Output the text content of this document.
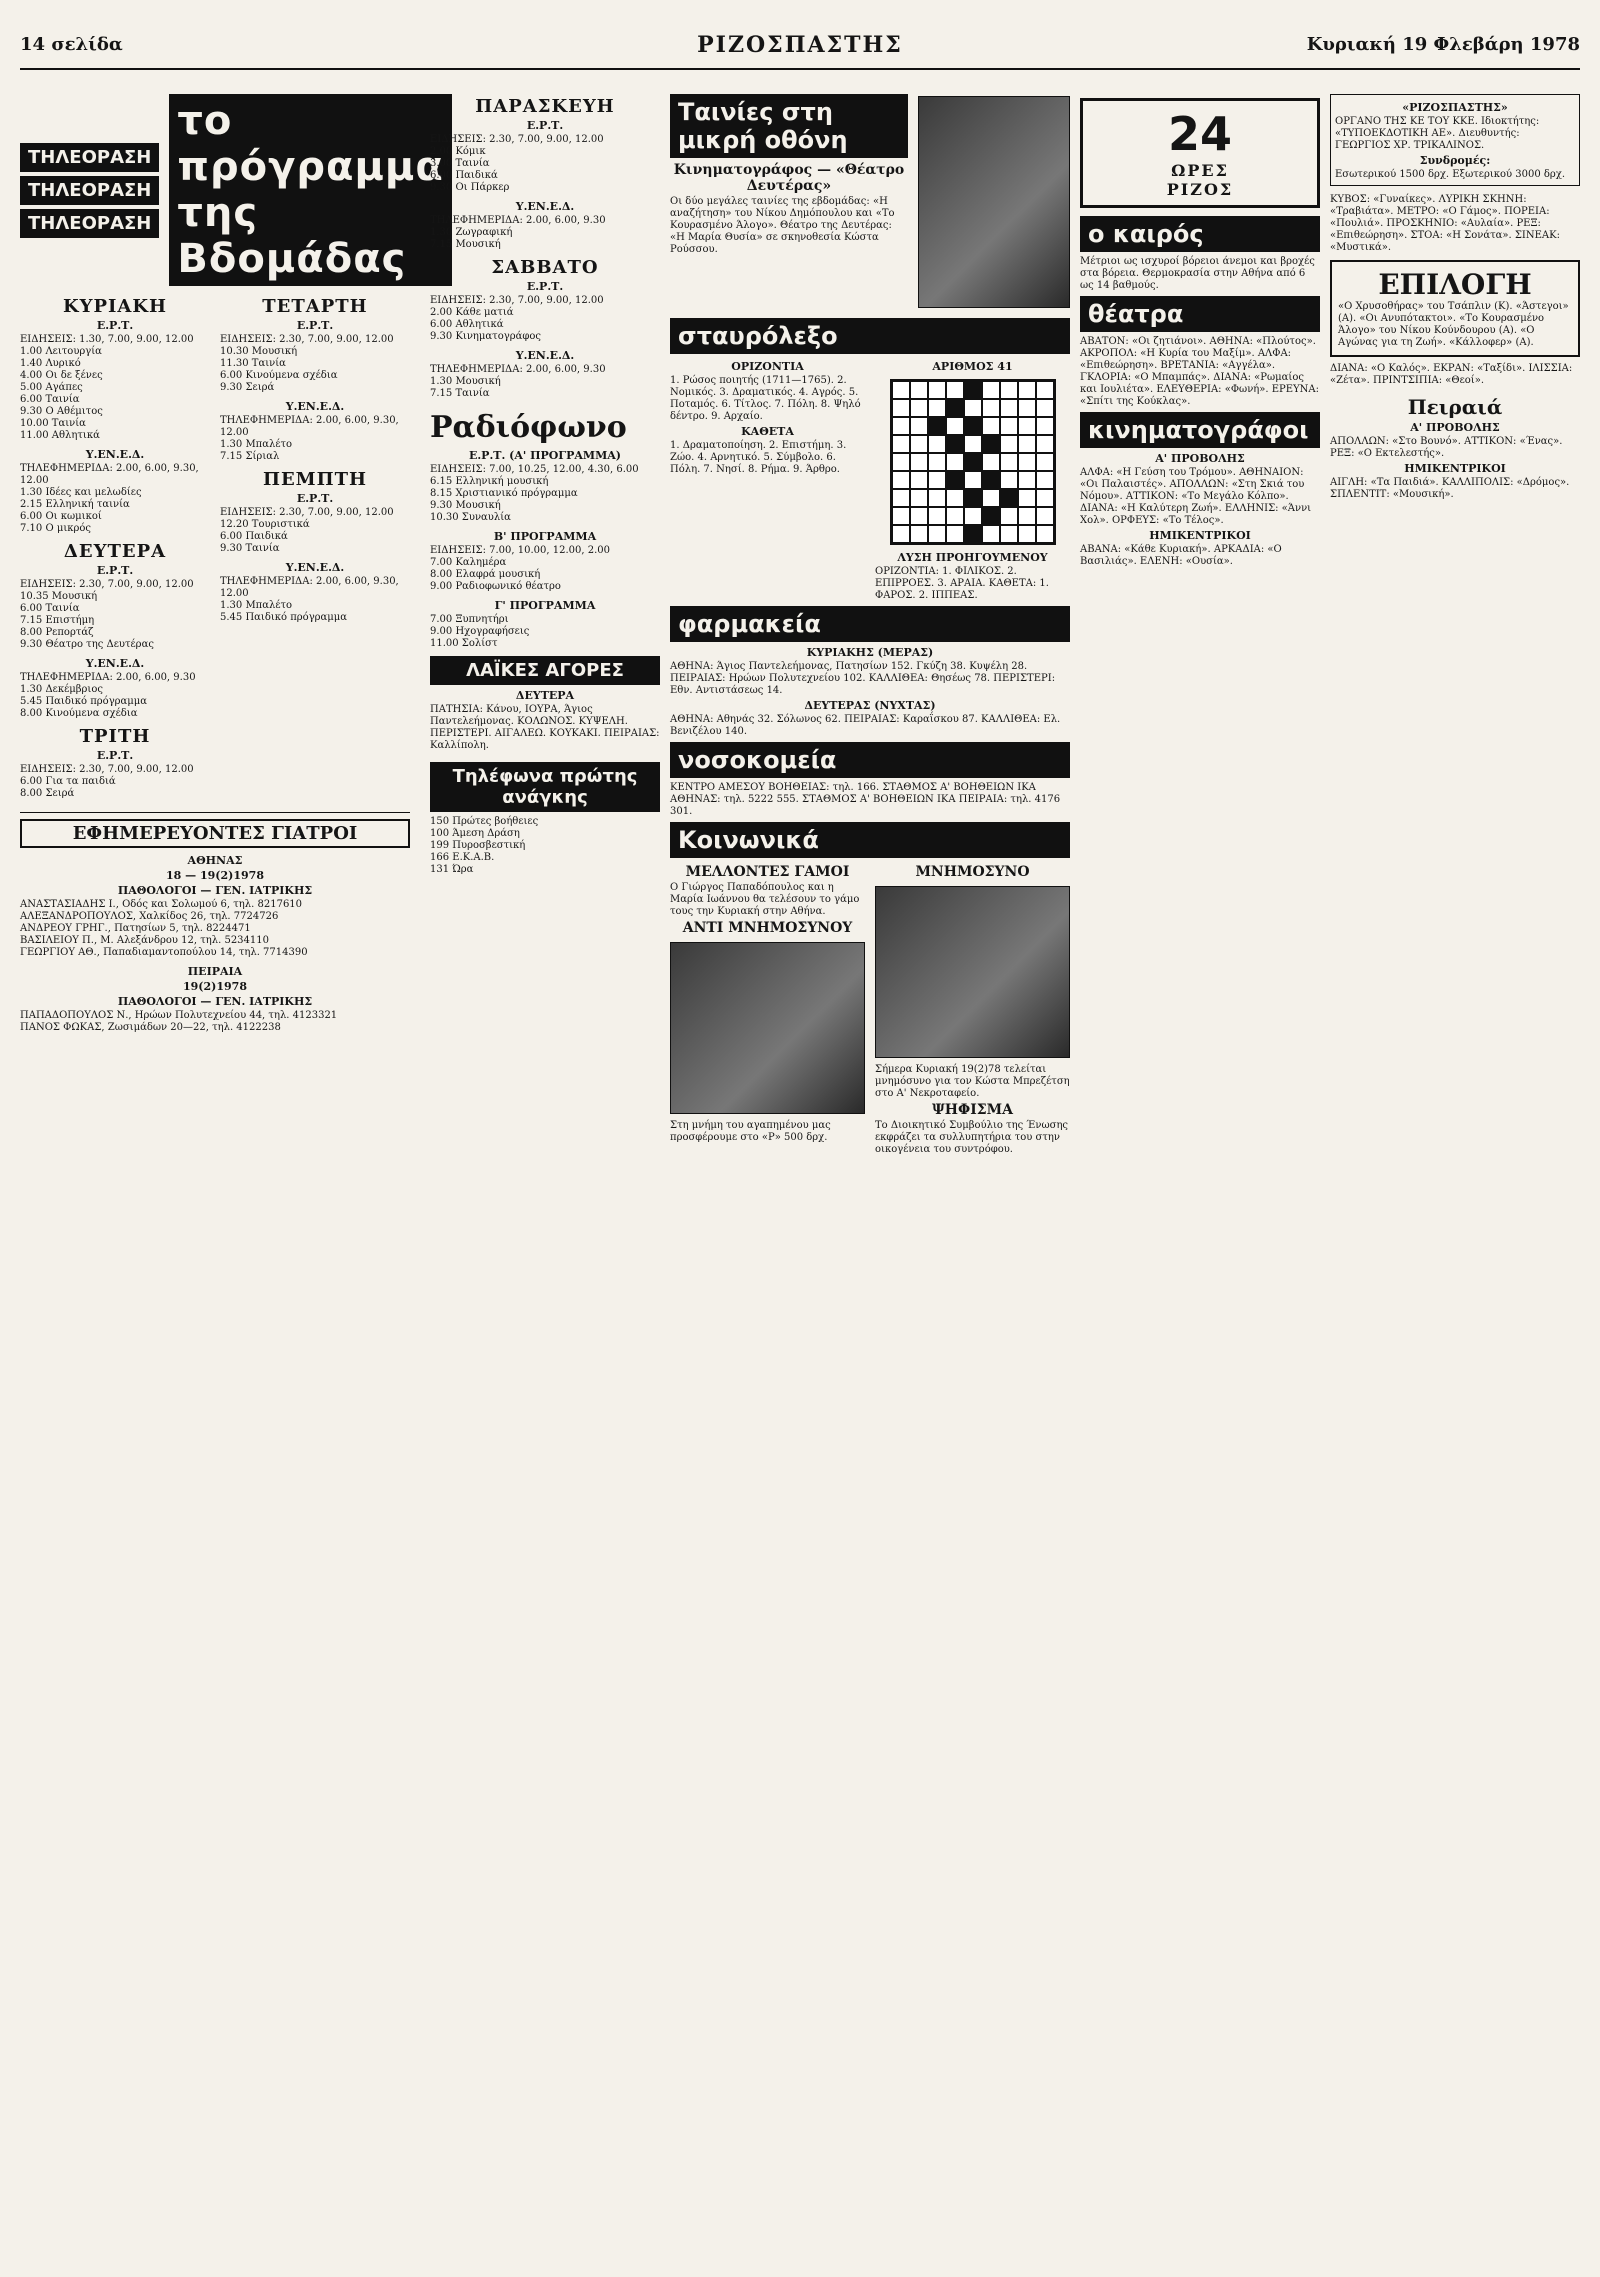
14 σελίδα	ΡΙΖΟΣΠΑΣΤΗΣ	Κυριακή 19 Φλεβάρη 1978
ΤΗΛΕΟΡΑΣΗ
ΤΗΛΕΟΡΑΣΗ
ΤΗΛΕΟΡΑΣΗ
το πρόγραμμα της Βδομάδας
ΚΥΡΙΑΚΗ
Ε.Ρ.Τ.
ΕΙΔΗΣΕΙΣ: 1.30, 7.00, 9.00, 12.00
1.00 Λειτουργία
1.40 Λυρικό
4.00 Οι δε ξένες
5.00 Αγάπες
6.00 Ταινία
9.30 Ο Αθέμιτος
10.00 Ταινία
11.00 Αθλητικά
Υ.ΕΝ.Ε.Δ.
ΤΗΛΕΦΗΜΕΡΙΔΑ: 2.00, 6.00, 9.30, 12.00
1.30 Ιδέες και μελωδίες
2.15 Ελληνική ταινία
6.00 Οι κωμικοί
7.10 Ο μικρός
ΔΕΥΤΕΡΑ
Ε.Ρ.Τ.
ΕΙΔΗΣΕΙΣ: 2.30, 7.00, 9.00, 12.00
10.35 Μουσική
6.00 Ταινία
7.15 Επιστήμη
8.00 Ρεπορτάζ
9.30 Θέατρο της Δευτέρας
Υ.ΕΝ.Ε.Δ.
ΤΗΛΕΦΗΜΕΡΙΔΑ: 2.00, 6.00, 9.30
1.30 Δεκέμβριος
5.45 Παιδικό πρόγραμμα
8.00 Κινούμενα σχέδια
ΤΡΙΤΗ
Ε.Ρ.Τ.
ΕΙΔΗΣΕΙΣ: 2.30, 7.00, 9.00, 12.00
6.00 Για τα παιδιά
8.00 Σειρά
ΤΕΤΑΡΤΗ
Ε.Ρ.Τ.
ΕΙΔΗΣΕΙΣ: 2.30, 7.00, 9.00, 12.00
10.30 Μουσική
11.30 Ταινία
6.00 Κινούμενα σχέδια
9.30 Σειρά
Υ.ΕΝ.Ε.Δ.
ΤΗΛΕΦΗΜΕΡΙΔΑ: 2.00, 6.00, 9.30, 12.00
1.30 Μπαλέτο
7.15 Σίριαλ
ΠΕΜΠΤΗ
Ε.Ρ.Τ.
ΕΙΔΗΣΕΙΣ: 2.30, 7.00, 9.00, 12.00
12.20 Τουριστικά
6.00 Παιδικά
9.30 Ταινία
Υ.ΕΝ.Ε.Δ.
ΤΗΛΕΦΗΜΕΡΙΔΑ: 2.00, 6.00, 9.30, 12.00
1.30 Μπαλέτο
5.45 Παιδικό πρόγραμμα
ΕΦΗΜΕΡΕΥΟΝΤΕΣ ΓΙΑΤΡΟΙ
ΑΘΗΝΑΣ
18 — 19(2)1978
ΠΑΘΟΛΟΓΟΙ — ΓΕΝ. ΙΑΤΡΙΚΗΣ
ΑΝΑΣΤΑΣΙΑΔΗΣ Ι., Οδός και Σολωμού 6, τηλ. 8217610
ΑΛΕΞΑΝΔΡΟΠΟΥΛΟΣ, Χαλκίδος 26, τηλ. 7724726
ΑΝΔΡΕΟΥ ΓΡΗΓ., Πατησίων 5, τηλ. 8224471
ΒΑΣΙΛΕΙΟΥ Π., Μ. Αλεξάνδρου 12, τηλ. 5234110
ΓΕΩΡΓΙΟΥ ΑΘ., Παπαδιαμαντοπούλου 14, τηλ. 7714390
ΠΕΙΡΑΙΑ
19(2)1978
ΠΑΘΟΛΟΓΟΙ — ΓΕΝ. ΙΑΤΡΙΚΗΣ
ΠΑΠΑΔΟΠΟΥΛΟΣ Ν., Ηρώων Πολυτεχνείου 44, τηλ. 4123321
ΠΑΝΟΣ ΦΩΚΑΣ, Ζωσιμάδων 20—22, τηλ. 4122238
ΠΑΡΑΣΚΕΥΗ
Ε.Ρ.Τ.
ΕΙΔΗΣΕΙΣ: 2.30, 7.00, 9.00, 12.00
2.00 Κόμικ
3.00 Ταινία
6.00 Παιδικά
9.30 Οι Πάρκερ
Υ.ΕΝ.Ε.Δ.
ΤΗΛΕΦΗΜΕΡΙΔΑ: 2.00, 6.00, 9.30
1.30 Ζωγραφική
7.15 Μουσική
ΣΑΒΒΑΤΟ
Ε.Ρ.Τ.
ΕΙΔΗΣΕΙΣ: 2.30, 7.00, 9.00, 12.00
2.00 Κάθε ματιά
6.00 Αθλητικά
9.30 Κινηματογράφος
Υ.ΕΝ.Ε.Δ.
ΤΗΛΕΦΗΜΕΡΙΔΑ: 2.00, 6.00, 9.30
1.30 Μουσική
7.15 Ταινία
Ραδιόφωνο
Ε.Ρ.Τ. (Α' ΠΡΟΓΡΑΜΜΑ)
ΕΙΔΗΣΕΙΣ: 7.00, 10.25, 12.00, 4.30, 6.00
6.15 Ελληνική μουσική
8.15 Χριστιανικό πρόγραμμα
9.30 Μουσική
10.30 Συναυλία
Β' ΠΡΟΓΡΑΜΜΑ
ΕΙΔΗΣΕΙΣ: 7.00, 10.00, 12.00, 2.00
7.00 Καλημέρα
8.00 Ελαφρά μουσική
9.00 Ραδιοφωνικό θέατρο
Γ' ΠΡΟΓΡΑΜΜΑ
7.00 Ξυπνητήρι
9.00 Ηχογραφήσεις
11.00 Σολίστ
ΛΑΪΚΕΣ ΑΓΟΡΕΣ
ΔΕΥΤΕΡΑ

ΠΑΤΗΣΙΑ: Κάνου, ΙΟΥΡΑ, Άγιος Παντελεήμονας. ΚΟΛΩΝΟΣ. ΚΥΨΕΛΗ. ΠΕΡΙΣΤΕΡΙ. ΑΙΓΑΛΕΩ. ΚΟΥΚΑΚΙ. ΠΕΙΡΑΙΑΣ: Καλλίπολη.

Τηλέφωνα πρώτης ανάγκης
150 Πρώτες βοήθειες
100 Άμεση Δράση
199 Πυροσβεστική
166 Ε.Κ.Α.Β.
131 Ώρα
Ταινίες στη μικρή οθόνη
Κινηματογράφος — «Θέατρο Δευτέρας»

Οι δύο μεγάλες ταινίες της εβδομάδας: «Η αναζήτηση» του Νίκου Δημόπουλου και «Το Κουρασμένο Άλογο». Θέατρο της Δευτέρας: «Η Μαρία Θυσία» σε σκηνοθεσία Κώστα Ρούσσου.

σταυρόλεξο
ΟΡΙΖΟΝΤΙΑ

1. Ρώσος ποιητής (1711—1765). 2. Νομικός. 3. Δραματικός. 4. Αγρός. 5. Ποταμός. 6. Τίτλος. 7. Πόλη. 8. Ψηλό δέντρο. 9. Αρχαίο.

ΚΑΘΕΤΑ

1. Δραματοποίηση. 2. Επιστήμη. 3. Ζώο. 4. Αρνητικό. 5. Σύμβολο. 6. Πόλη. 7. Νησί. 8. Ρήμα. 9. Άρθρο.

ΑΡΙΘΜΟΣ 41
ΛΥΣΗ ΠΡΟΗΓΟΥΜΕΝΟΥ

ΟΡΙΖΟΝΤΙΑ: 1. ΦΙΛΙΚΟΣ. 2. ΕΠΙΡΡΟΕΣ. 3. ΑΡΑΙΑ. ΚΑΘΕΤΑ: 1. ΦΑΡΟΣ. 2. ΙΠΠΕΑΣ.

φαρμακεία
ΚΥΡΙΑΚΗΣ (ΜΕΡΑΣ)

ΑΘΗΝΑ: Άγιος Παντελεήμονας, Πατησίων 152. Γκύζη 38. Κυψέλη 28. ΠΕΙΡΑΙΑΣ: Ηρώων Πολυτεχνείου 102. ΚΑΛΛΙΘΕΑ: Θησέως 78. ΠΕΡΙΣΤΕΡΙ: Εθν. Αντιστάσεως 14.

ΔΕΥΤΕΡΑΣ (ΝΥΧΤΑΣ)

ΑΘΗΝΑ: Αθηνάς 32. Σόλωνος 62. ΠΕΙΡΑΙΑΣ: Καραΐσκου 87. ΚΑΛΛΙΘΕΑ: Ελ. Βενιζέλου 140.

νοσοκομεία

ΚΕΝΤΡΟ ΑΜΕΣΟΥ ΒΟΗΘΕΙΑΣ: τηλ. 166. ΣΤΑΘΜΟΣ Α' ΒΟΗΘΕΙΩΝ ΙΚΑ ΑΘΗΝΑΣ: τηλ. 5222 555. ΣΤΑΘΜΟΣ Α' ΒΟΗΘΕΙΩΝ ΙΚΑ ΠΕΙΡΑΙΑ: τηλ. 4176 301.

Κοινωνικά
ΜΕΛΛΟΝΤΕΣ ΓΑΜΟΙ

Ο Γιώργος Παπαδόπουλος και η Μαρία Ιωάννου θα τελέσουν το γάμο τους την Κυριακή στην Αθήνα.

ΑΝΤΙ ΜΝΗΜΟΣΥΝΟΥ

Στη μνήμη του αγαπημένου μας προσφέρουμε στο «Ρ» 500 δρχ.

ΜΝΗΜΟΣΥΝΟ

Σήμερα Κυριακή 19(2)78 τελείται μνημόσυνο για τον Κώστα Μπρεζέτση στο Α' Νεκροταφείο.

ΨΗΦΙΣΜΑ

Το Διοικητικό Συμβούλιο της Ένωσης εκφράζει τα συλλυπητήρια του στην οικογένεια του συντρόφου.

24
ΩΡΕΣ
ΡΙΖΟΣ
ο καιρός

Μέτριοι ως ισχυροί βόρειοι άνεμοι και βροχές στα βόρεια. Θερμοκρασία στην Αθήνα από 6 ως 14 βαθμούς.

θέατρα

ΑΒΑΤΟΝ: «Οι ζητιάνοι». ΑΘΗΝΑ: «Πλούτος». ΑΚΡΟΠΟΛ: «Η Κυρία του Μαξίμ». ΑΛΦΑ: «Επιθεώρηση». ΒΡΕΤΑΝΙΑ: «Αγγέλα». ΓΚΛΟΡΙΑ: «Ο Μπαμπάς». ΔΙΑΝΑ: «Ρωμαίος και Ιουλιέτα». ΕΛΕΥΘΕΡΙΑ: «Φωνή». ΕΡΕΥΝΑ: «Σπίτι της Κούκλας».

κινηματογράφοι
Α' ΠΡΟΒΟΛΗΣ

ΑΛΦΑ: «Η Γεύση του Τρόμου». ΑΘΗΝΑΙΟΝ: «Οι Παλαιστές». ΑΠΟΛΛΩΝ: «Στη Σκιά του Νόμου». ΑΤΤΙΚΟΝ: «Το Μεγάλο Κόλπο». ΔΙΑΝΑ: «Η Καλύτερη Ζωή». ΕΛΛΗΝΙΣ: «Άννι Χολ». ΟΡΦΕΥΣ: «Το Τέλος».

ΗΜΙΚΕΝΤΡΙΚΟΙ

ΑΒΑΝΑ: «Κάθε Κυριακή». ΑΡΚΑΔΙΑ: «Ο Βασιλιάς». ΕΛΕΝΗ: «Ουσία».

«ΡΙΖΟΣΠΑΣΤΗΣ»

ΟΡΓΑΝΟ ΤΗΣ ΚΕ ΤΟΥ ΚΚΕ. Ιδιοκτήτης: «ΤΥΠΟΕΚΔΟΤΙΚΗ ΑΕ». Διευθυντής: ΓΕΩΡΓΙΟΣ ΧΡ. ΤΡΙΚΑΛΙΝΟΣ.

Συνδρομές:

Εσωτερικού 1500 δρχ. Εξωτερικού 3000 δρχ.

ΚΥΒΟΣ: «Γυναίκες». ΛΥΡΙΚΗ ΣΚΗΝΗ: «Τραβιάτα». ΜΕΤΡΟ: «Ο Γάμος». ΠΟΡΕΙΑ: «Πουλιά». ΠΡΟΣΚΗΝΙΟ: «Αυλαία». ΡΕΞ: «Επιθεώρηση». ΣΤΟΑ: «Η Σονάτα». ΣΙΝΕΑΚ: «Μυστικά».

ΕΠΙΛΟΓΗ

«Ο Χρυσοθήρας» του Τσάπλιν (Κ). «Άστεγοι» (Α). «Οι Ανυπότακτοι». «Το Κουρασμένο Άλογο» του Νίκου Κούνδουρου (Α). «Ο Αγώνας για τη Ζωή». «Κάλλοφερ» (Α).

ΔΙΑΝΑ: «Ο Καλός». ΕΚΡΑΝ: «Ταξίδι». ΙΛΙΣΣΙΑ: «Ζέτα». ΠΡΙΝΤΣΙΠΙΑ: «Θεοί».

Πειραιά
Α' ΠΡΟΒΟΛΗΣ

ΑΠΟΛΛΩΝ: «Στο Βουνό». ΑΤΤΙΚΟΝ: «Ένας». ΡΕΞ: «Ο Εκτελεστής».

ΗΜΙΚΕΝΤΡΙΚΟΙ

ΑΙΓΛΗ: «Τα Παιδιά». ΚΑΛΛΙΠΟΛΙΣ: «Δρόμος». ΣΠΛΕΝΤΙΤ: «Μουσική».
